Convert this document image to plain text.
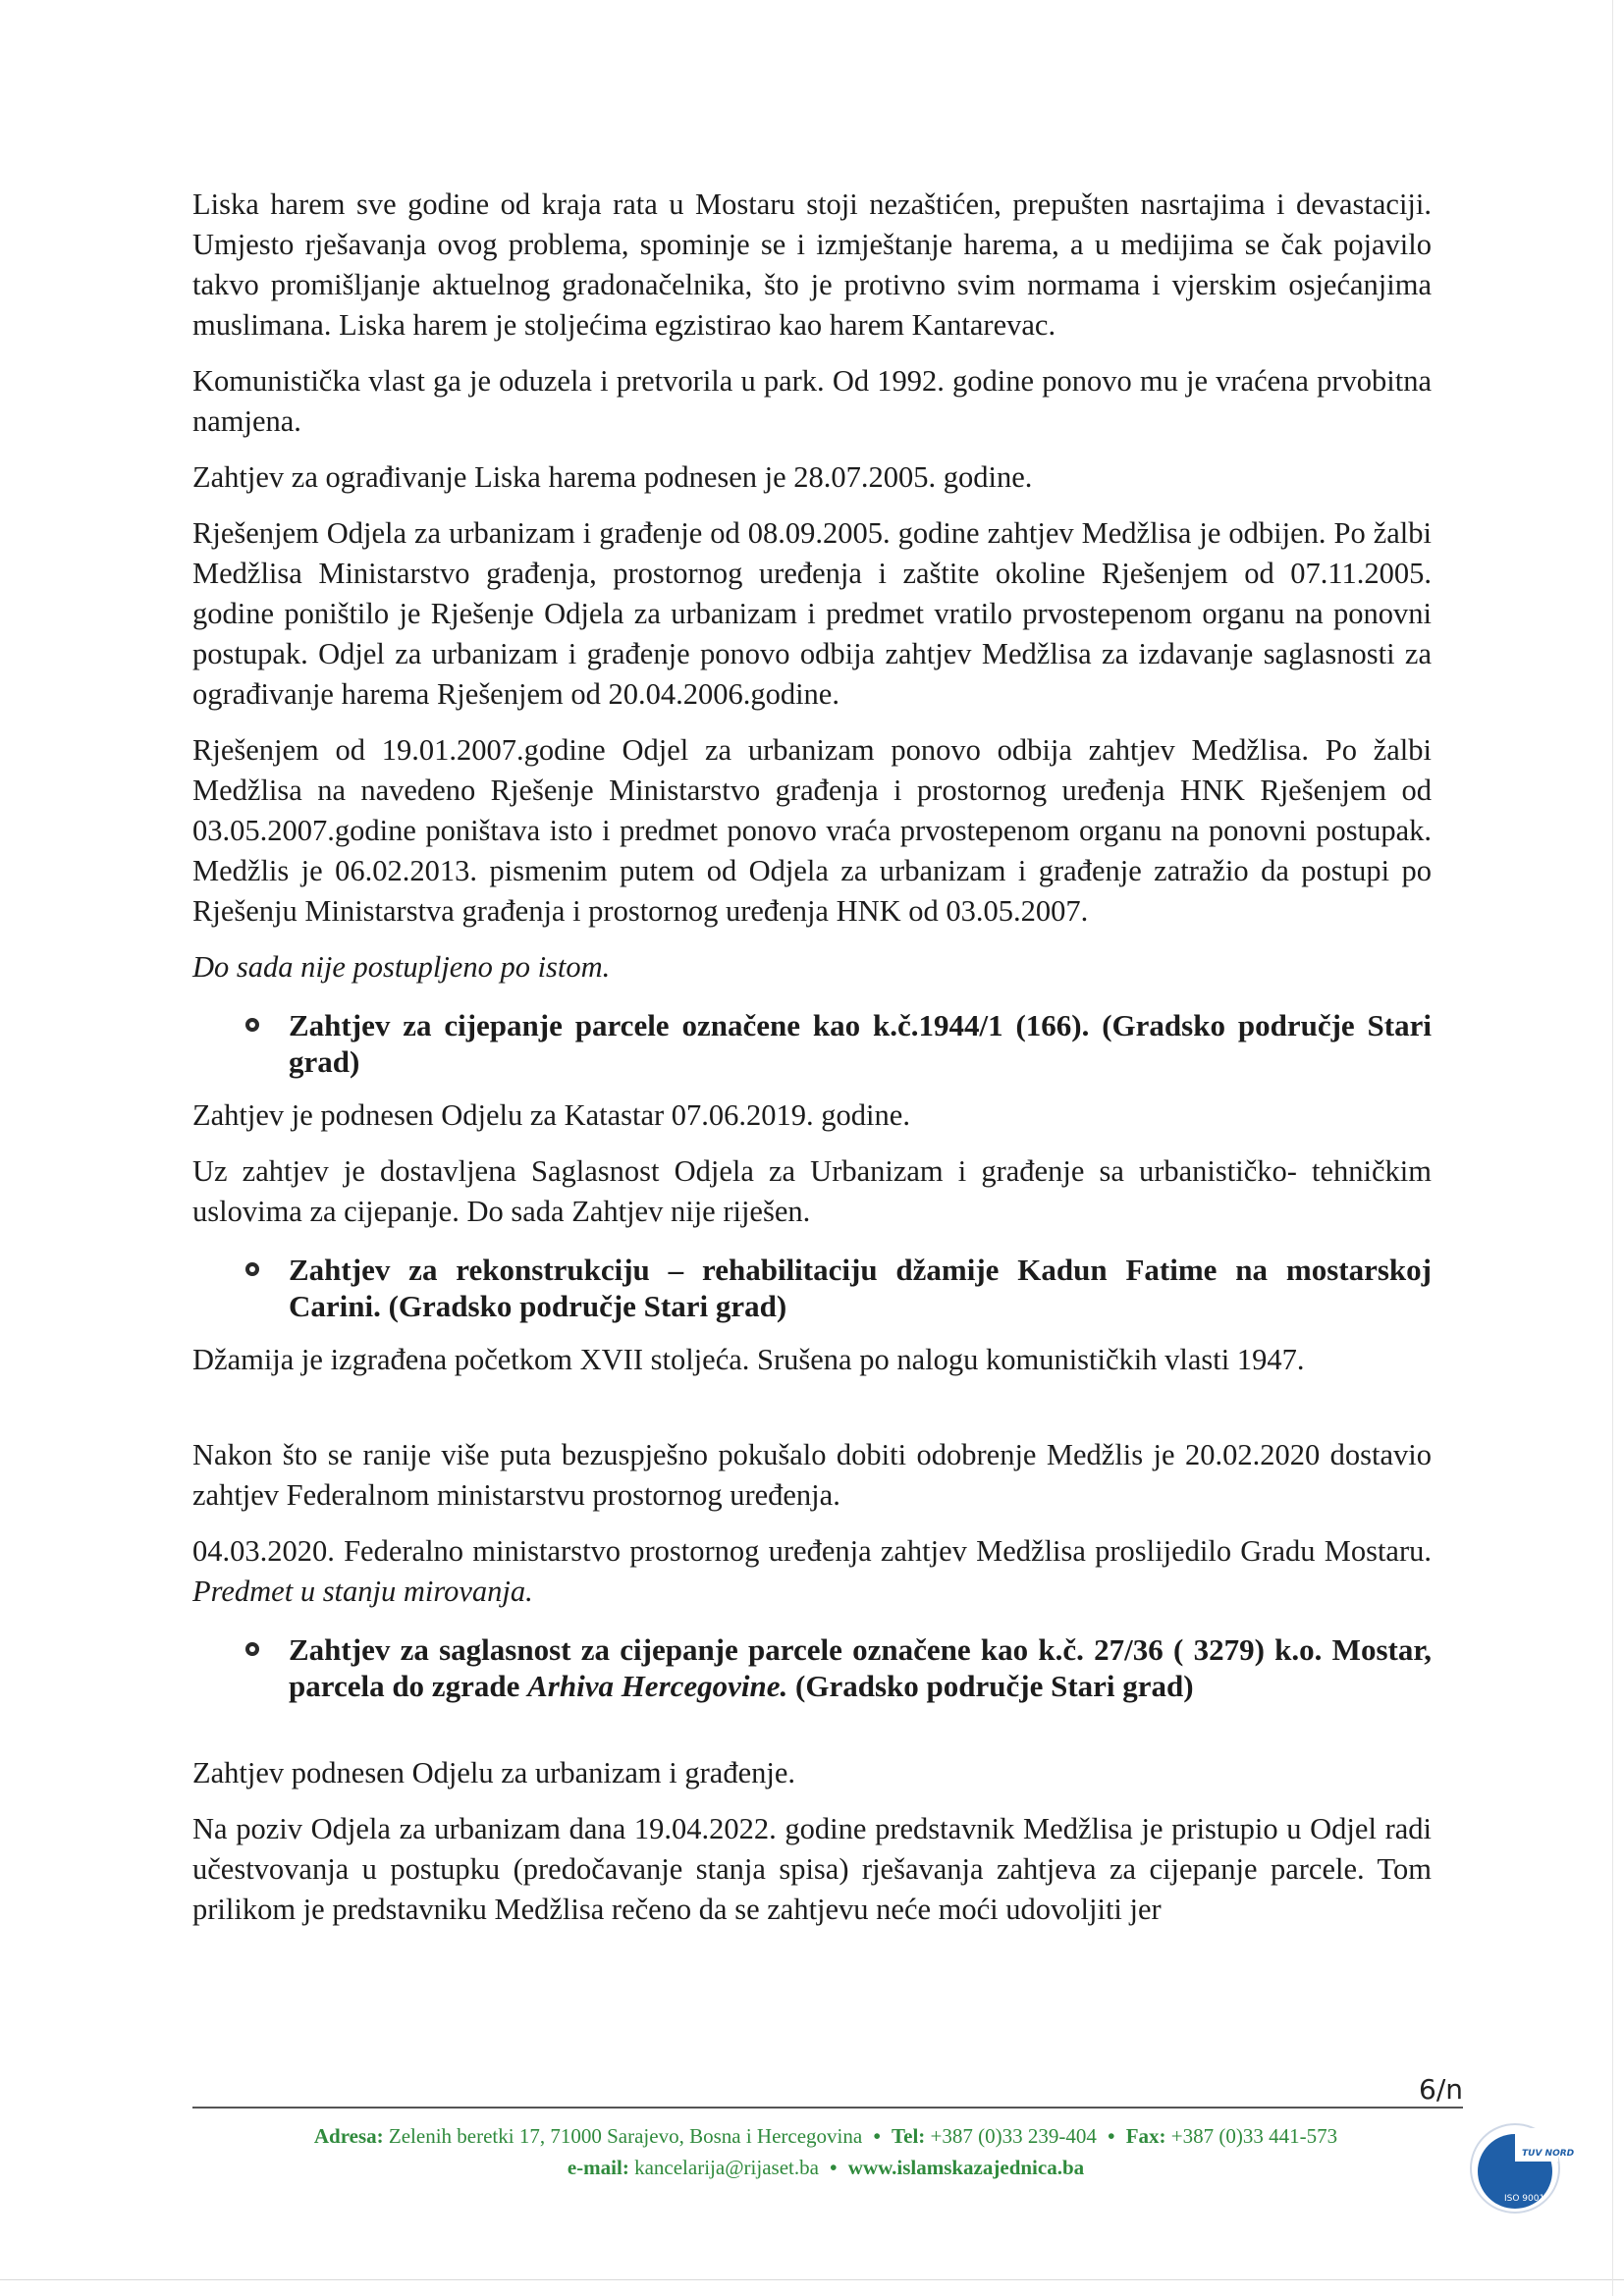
Liska harem sve godine od kraja rata u Mostaru stoji nezaštićen, prepušten nasrtajima i devastaciji. Umjesto rješavanja ovog problema, spominje se i izmještanje harema, a u medijima se čak pojavilo takvo promišljanje aktuelnog gradonačelnika, što je protivno svim normama i vjerskim osjećanjima muslimana. Liska harem je stoljećima egzistirao kao harem Kantarevac.

Komunistička vlast ga je oduzela i pretvorila u park. Od 1992. godine ponovo mu je vraćena prvobitna namjena.

Zahtjev za ograđivanje Liska harema podnesen je 28.07.2005. godine.

Rješenjem Odjela za urbanizam i građenje od 08.09.2005. godine zahtjev Medžlisa je odbijen. Po žalbi Medžlisa Ministarstvo građenja, prostornog uređenja i zaštite okoline Rješenjem od 07.11.2005. godine poništilo je Rješenje Odjela za urbanizam i predmet vratilo prvostepenom organu na ponovni postupak. Odjel za urbanizam i građenje ponovo odbija zahtjev Medžlisa za izdavanje saglasnosti za ograđivanje harema Rješenjem od 20.04.2006.godine.

Rješenjem od 19.01.2007.godine Odjel za urbanizam ponovo odbija zahtjev Medžlisa. Po žalbi Medžlisa na navedeno Rješenje Ministarstvo građenja i prostornog uređenja HNK Rješenjem od 03.05.2007.godine poništava isto i predmet ponovo vraća prvostepenom organu na ponovni postupak. Medžlis je 06.02.2013. pismenim putem od Odjela za urbanizam i građenje zatražio da postupi po Rješenju Ministarstva građenja i prostornog uređenja HNK od 03.05.2007.

Do sada nije postupljeno po istom.

Zahtjev za cijepanje parcele označene kao k.č.1944/1 (166). (Gradsko područje Stari grad)

Zahtjev je podnesen Odjelu za Katastar 07.06.2019. godine.

Uz zahtjev je dostavljena Saglasnost Odjela za Urbanizam i građenje sa urbanističko- tehničkim uslovima za cijepanje. Do sada Zahtjev nije riješen.

Zahtjev za rekonstrukciju – rehabilitaciju džamije Kadun Fatime na mostarskoj Carini. (Gradsko područje Stari grad)

Džamija je izgrađena početkom XVII stoljeća. Srušena po nalogu komunističkih vlasti 1947.

Nakon što se ranije više puta bezuspješno pokušalo dobiti odobrenje Medžlis je 20.02.2020 dostavio zahtjev Federalnom ministarstvu prostornog uređenja.

04.03.2020. Federalno ministarstvo prostornog uređenja zahtjev Medžlisa proslijedilo Gradu Mostaru. Predmet u stanju mirovanja.

Zahtjev za saglasnost za cijepanje parcele označene kao k.č. 27/36 ( 3279) k.o. Mostar, parcela do zgrade Arhiva Hercegovine. (Gradsko područje Stari grad)

Zahtjev podnesen Odjelu za urbanizam i građenje.

Na poziv Odjela za urbanizam dana 19.04.2022. godine predstavnik Medžlisa je pristupio u Odjel radi učestvovanja u postupku (predočavanje stanja spisa) rješavanja zahtjeva za cijepanje parcele. Tom prilikom je predstavniku Medžlisa rečeno da se zahtjevu neće moći udovoljiti jer

6/n
Adresa: Zelenih beretki 17, 71000 Sarajevo, Bosna i Hercegovina • Tel: +387 (0)33 239-404 • Fax: +387 (0)33 441-573
e-mail: kancelarija@rijaset.ba • www.islamskazajednica.ba
TUV NORD
ISO 9001
